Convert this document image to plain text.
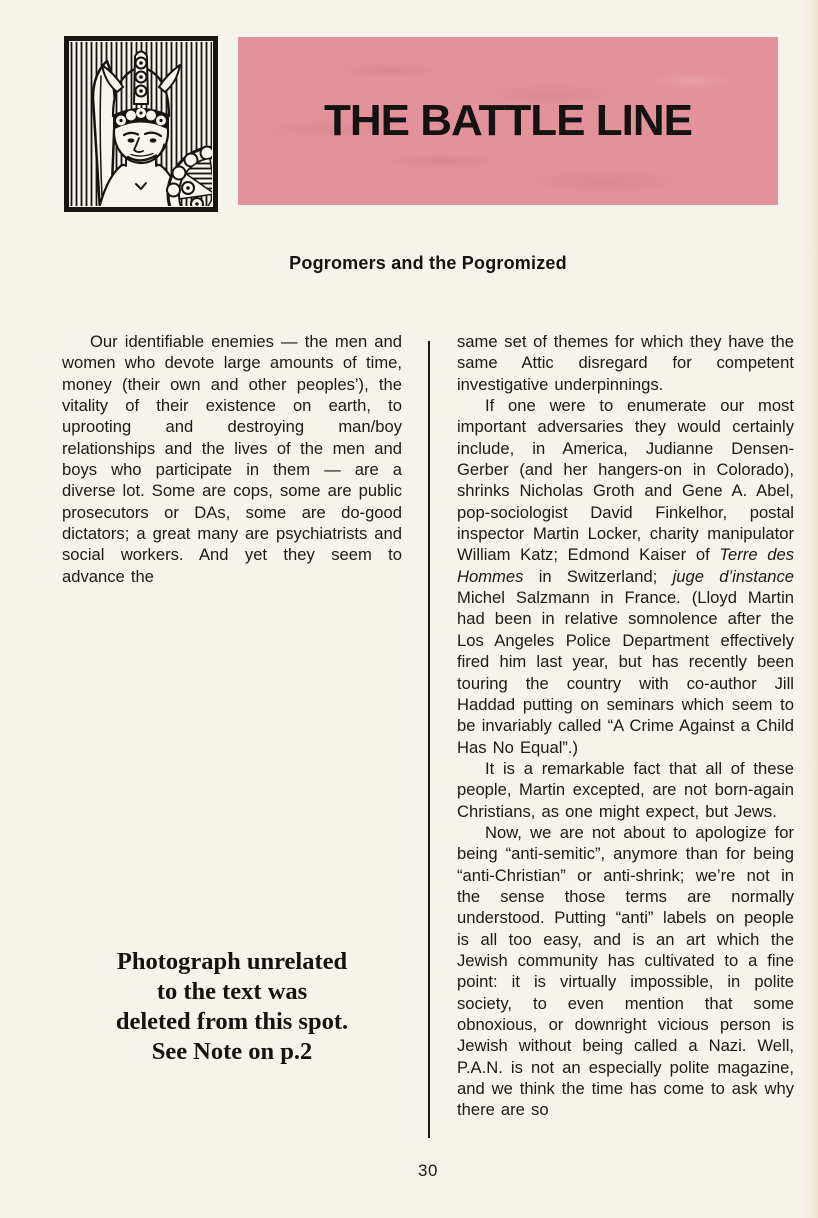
THE BATTLE LINE
Pogromers and the Pogromized

Our identifiable enemies — the men and women who devote large amounts of time, money (their own and other peoples’), the vitality of their existence on earth, to uprooting and destroying man/boy relationships and the lives of the men and boys who participate in them — are a diverse lot. Some are cops, some are public prosecutors or DAs, some are do-good dictators; a great many are psychiatrists and social workers. And yet they seem to advance the

same set of themes for which they have the same Attic disregard for competent investigative underpinnings.

If one were to enumerate our most important adversaries they would certainly include, in America, Judianne Densen-Gerber (and her hangers-on in Colorado), shrinks Nicholas Groth and Gene A. Abel, pop-sociologist David Finkelhor, postal inspector Martin Locker, charity manipulator William Katz; Edmond Kaiser of Terre des Hommes in Switzerland; juge d’instance Michel Salzmann in France. (Lloyd Martin had been in relative somnolence after the Los Angeles Police Department effectively fired him last year, but has recently been touring the country with co-author Jill Haddad putting on seminars which seem to be invariably called “A Crime Against a Child Has No Equal”.)

It is a remarkable fact that all of these people, Martin excepted, are not born-again Christians, as one might expect, but Jews.

Now, we are not about to apologize for being “anti-semitic”, anymore than for being “anti-Christian” or anti-shrink; we’re not in the sense those terms are normally understood. Putting “anti” labels on people is all too easy, and is an art which the Jewish community has cultivated to a fine point: it is virtually impossible, in polite society, to even mention that some obnoxious, or downright vicious person is Jewish without being called a Nazi. Well, P.A.N. is not an especially polite magazine, and we think the time has come to ask why there are so

Photograph unrelated
to the text was
deleted from this spot.
See Note on p.2
30
